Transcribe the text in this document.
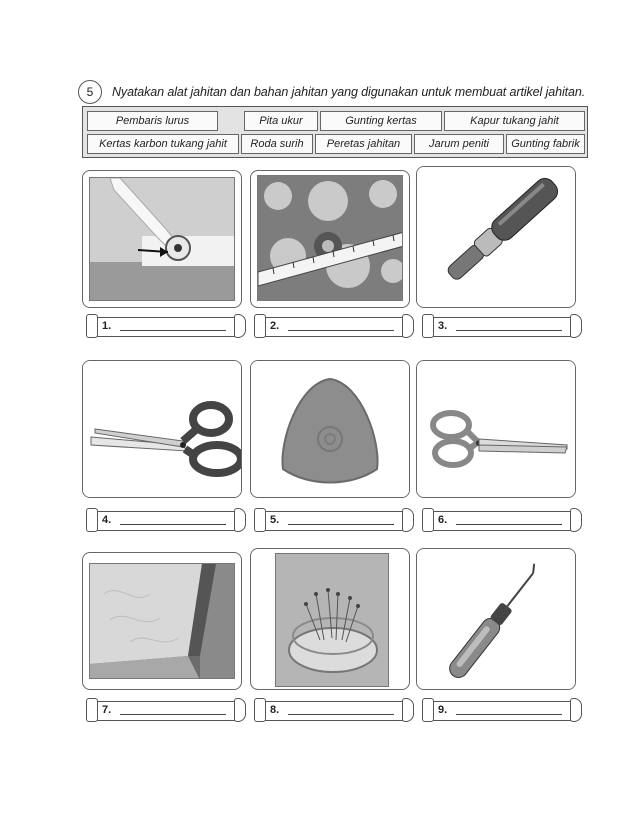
5	Nyatakan alat jahitan dan bahan jahitan yang digunakan untuk membuat artikel jahitan.
Pembaris lurus	Pita ukur	Gunting kertas	Kapur tukang jahit
Kertas karbon tukang jahit	Roda surih	Peretas jahitan	Jarum peniti	Gunting fabrik
1.	2.	3.
4.	5.	6.
7.	8.	9.
